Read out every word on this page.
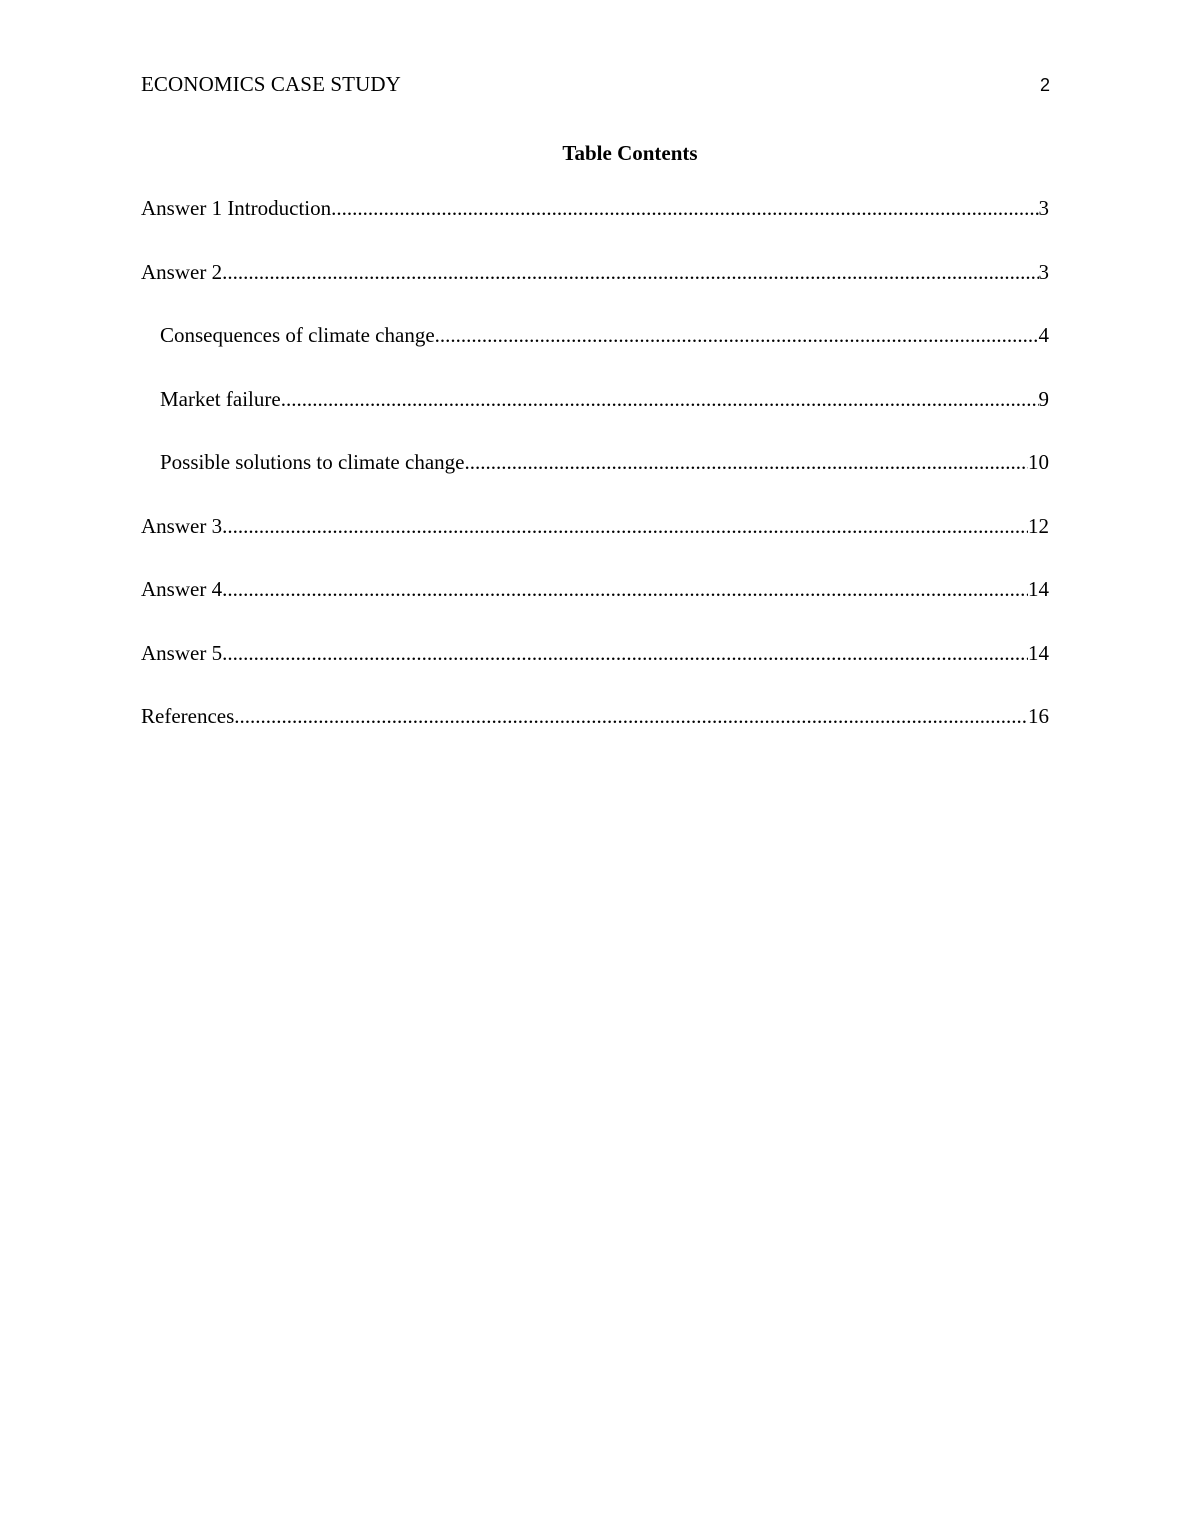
ECONOMICS CASE STUDY	2
Table Contents
Answer 1 Introduction .....	3
Answer 2 .....	3
Consequences of climate change .....	4
Market failure .....	9
Possible solutions to climate change .....	10
Answer 3 .....	12
Answer 4 .....	14
Answer 5 .....	14
References .....	16
